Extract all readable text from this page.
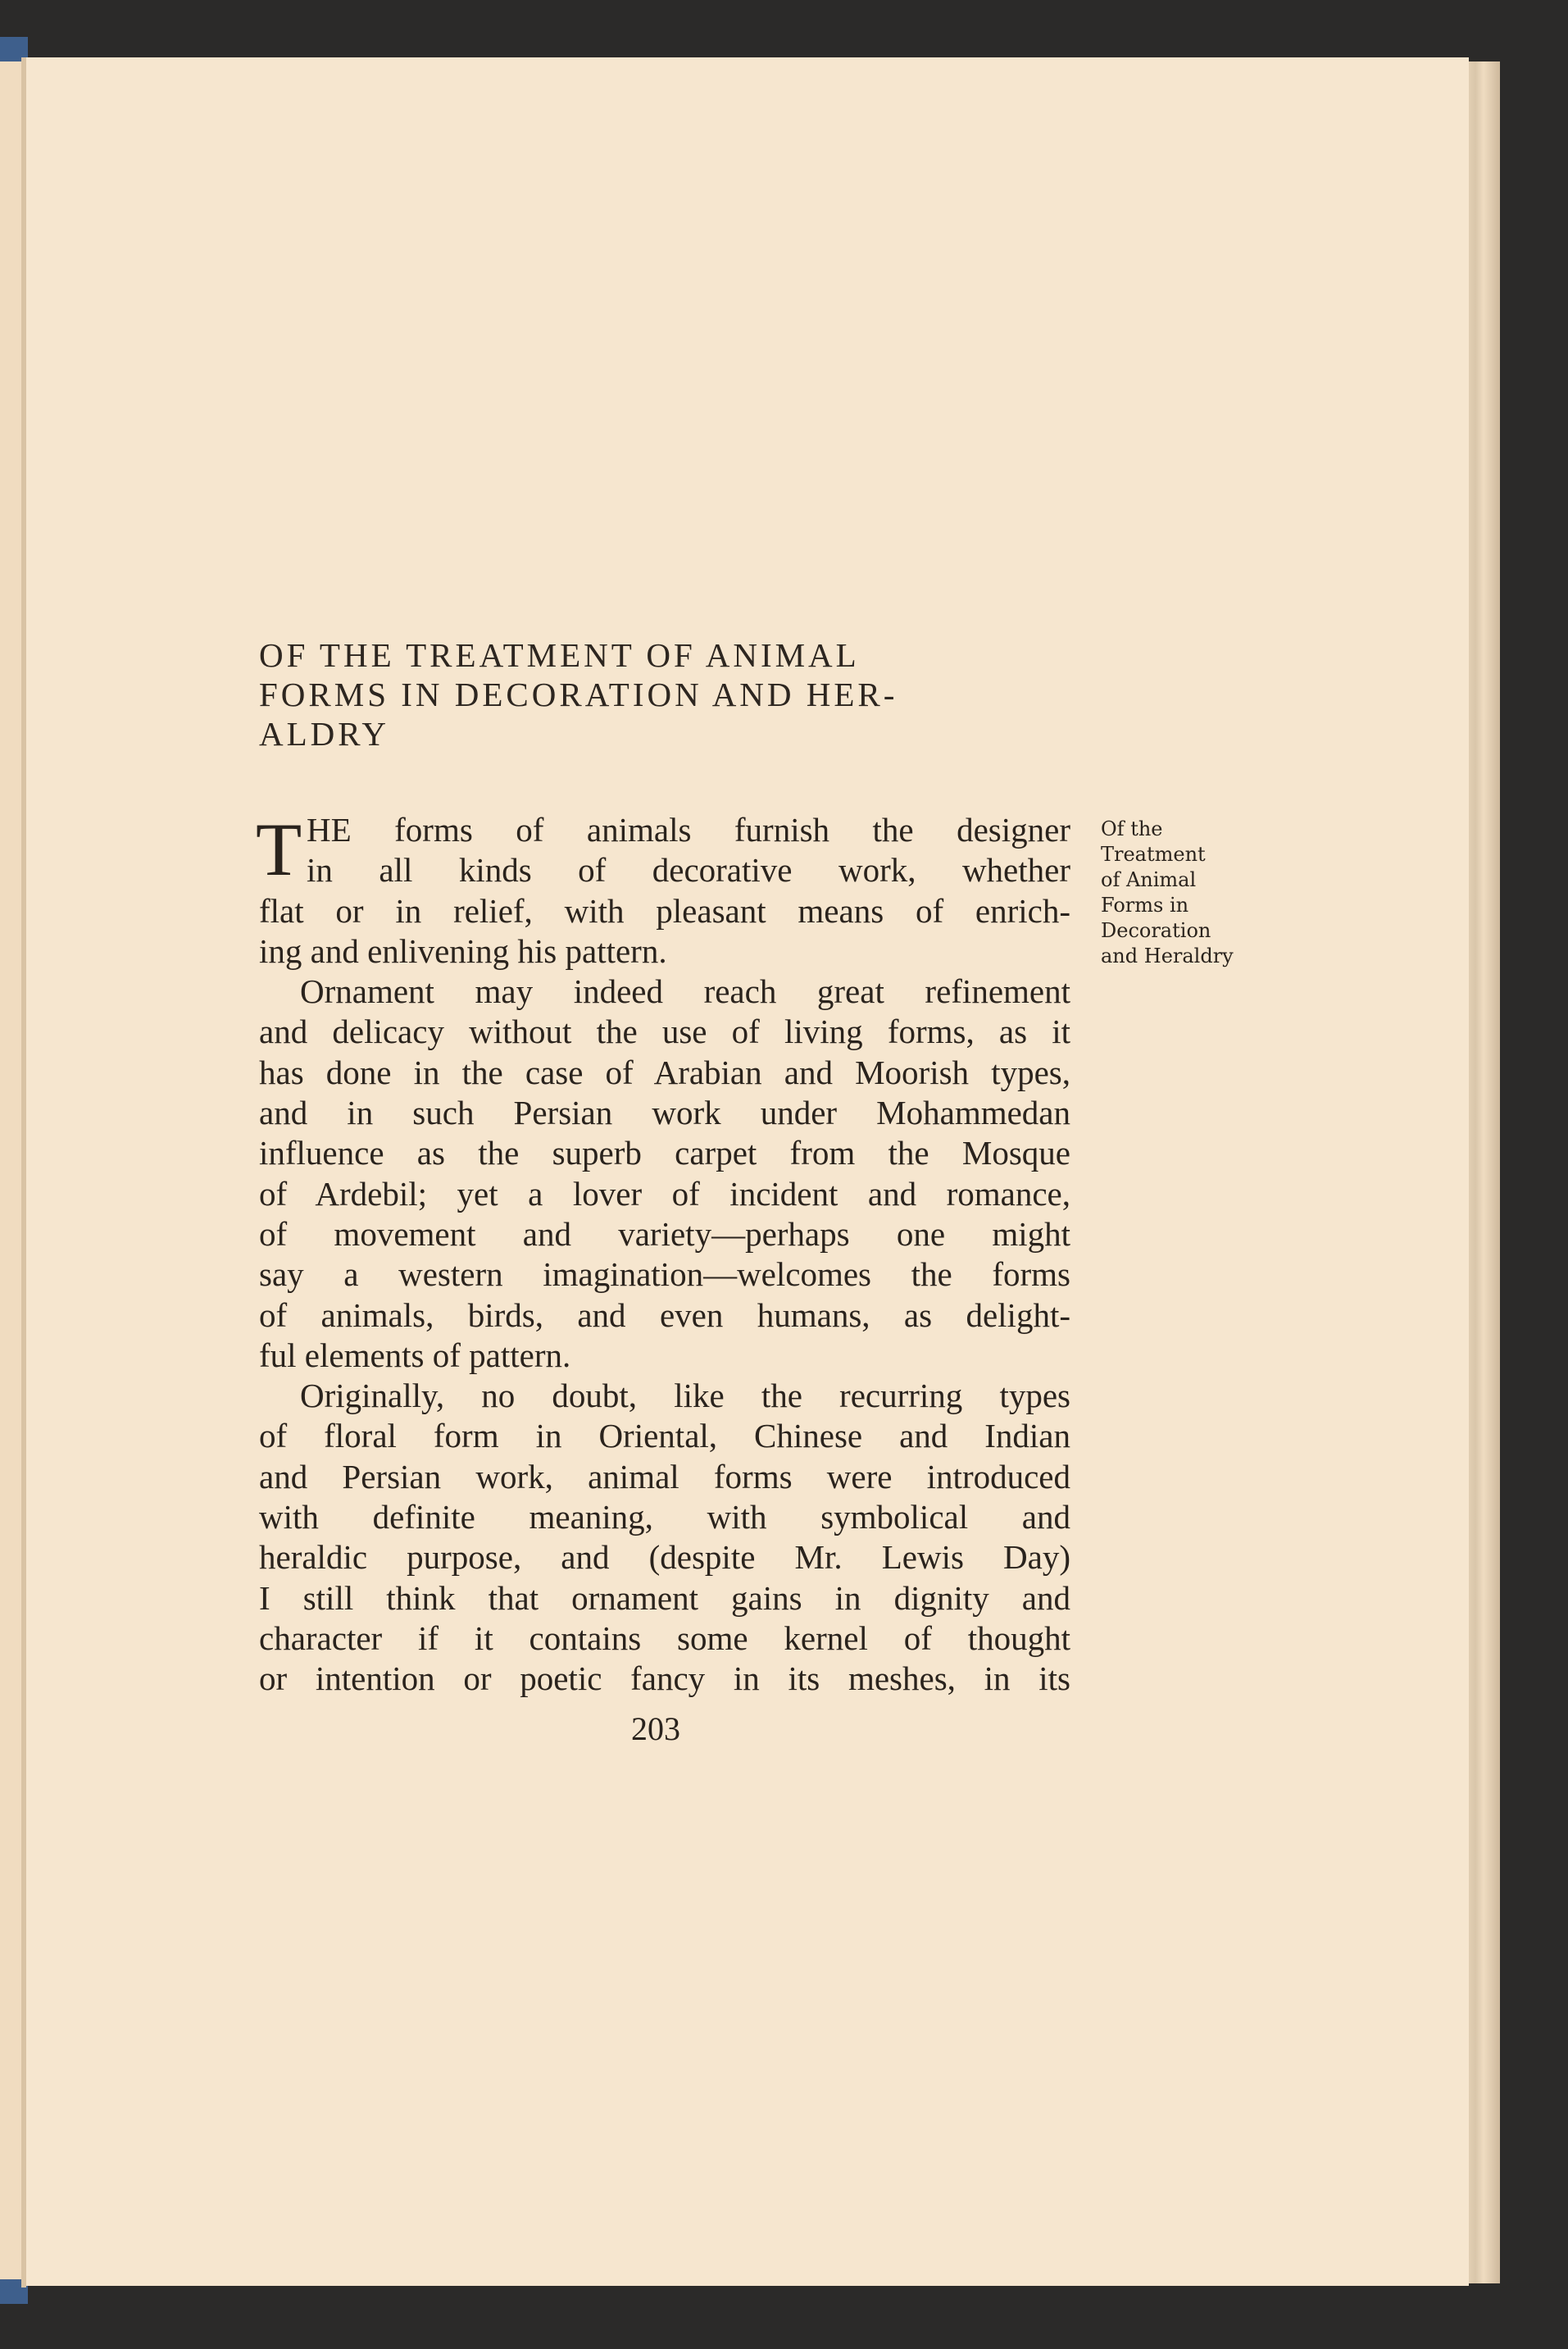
OF THE TREATMENT OF ANIMAL
FORMS IN DECORATION AND HER-
ALDRY
T HE forms of animals furnish the designer
in all kinds of decorative work, whether
flat or in relief, with pleasant means of enrich-
ing and enlivening his pattern.
Ornament may indeed reach great refinement
and delicacy without the use of living forms, as it
has done in the case of Arabian and Moorish types,
and in such Persian work under Mohammedan
influence as the superb carpet from the Mosque
of Ardebil; yet a lover of incident and romance,
of movement and variety—perhaps one might
say a western imagination—welcomes the forms
of animals, birds, and even humans, as delight-
ful elements of pattern.
Originally, no doubt, like the recurring types
of floral form in Oriental, Chinese and Indian
and Persian work, animal forms were introduced
with definite meaning, with symbolical and
heraldic purpose, and (despite Mr. Lewis Day)
I still think that ornament gains in dignity and
character if it contains some kernel of thought
or intention or poetic fancy in its meshes, in its
Of the
Treatment
of Animal
Forms in
Decoration
and Heraldry
203
